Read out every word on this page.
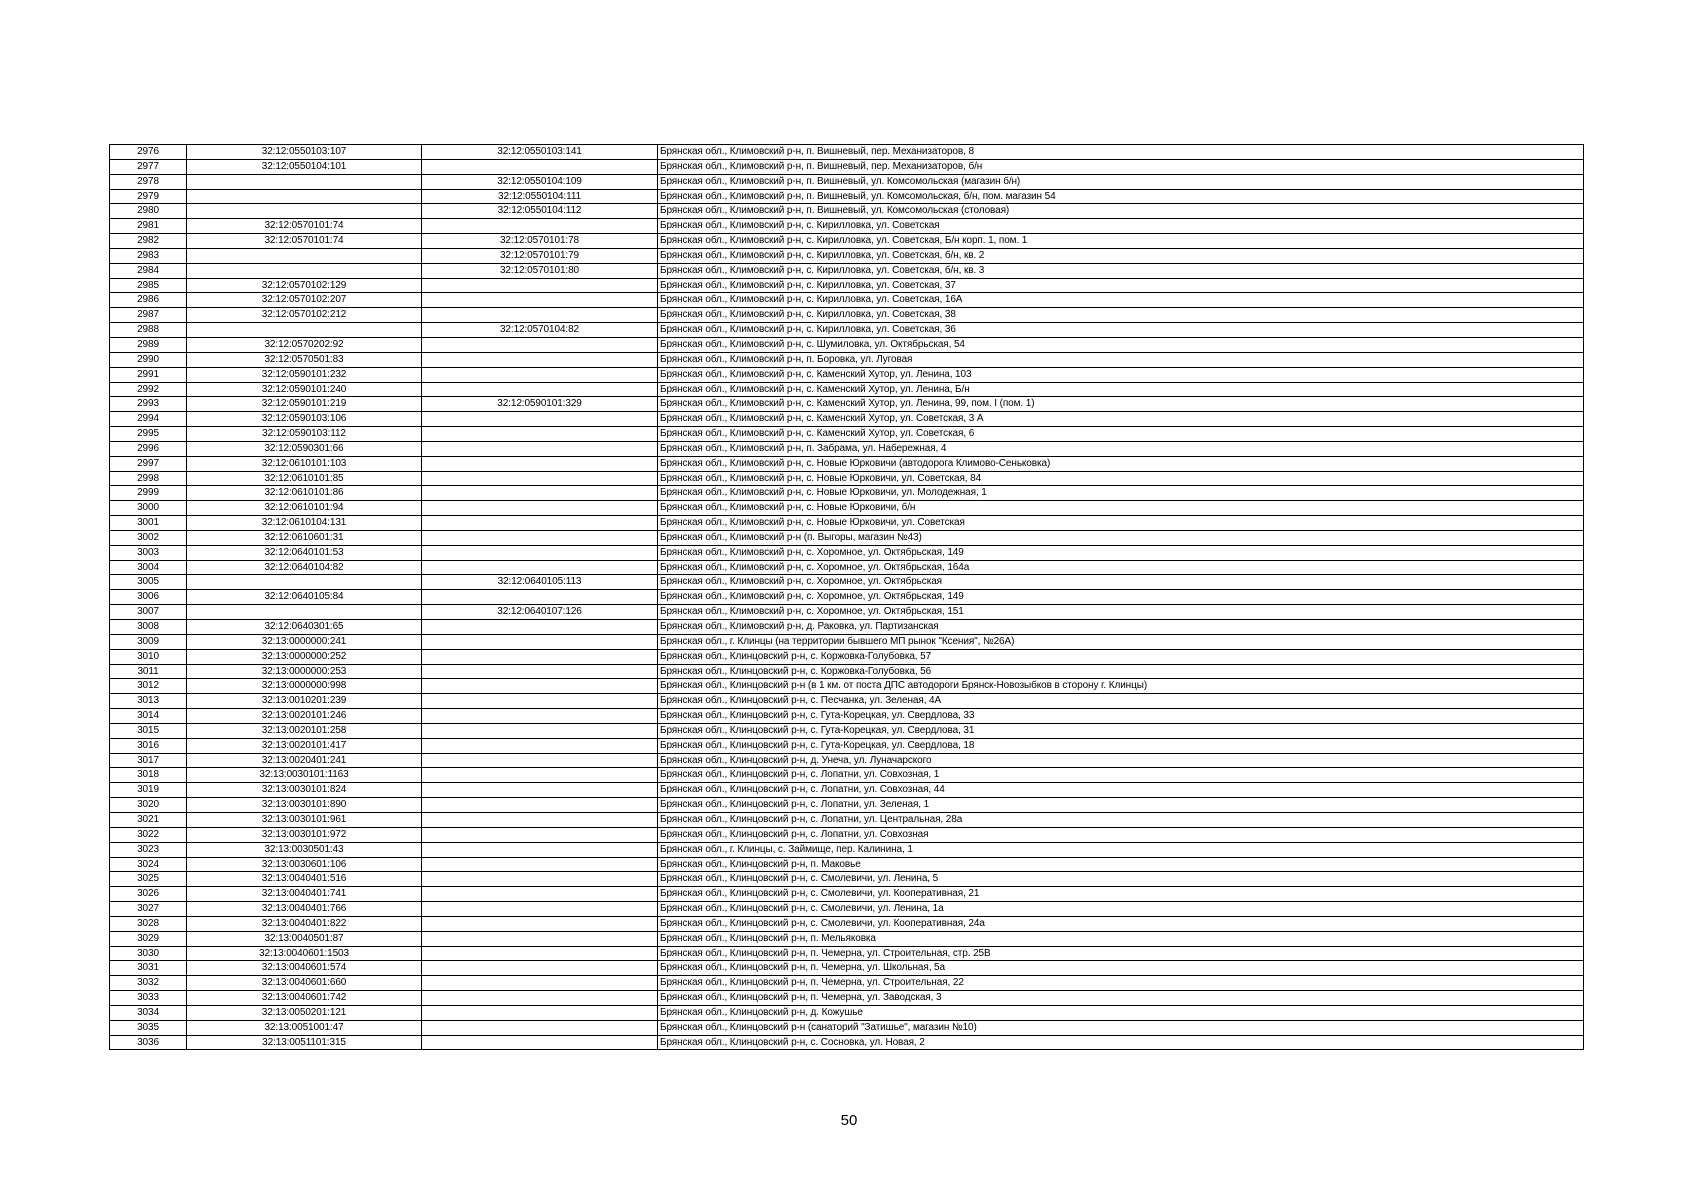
2976	32:12:0550103:107	32:12:0550103:141	Брянская обл., Климовский р-н, п. Вишневый, пер. Механизаторов, 8
2977	32:12:0550104:101		Брянская обл., Климовский р-н, п. Вишневый, пер. Механизаторов, б/н
2978		32:12:0550104:109	Брянская обл., Климовский р-н, п. Вишневый, ул. Комсомольская (магазин б/н)
2979		32:12:0550104:111	Брянская обл., Климовский р-н, п. Вишневый, ул. Комсомольская, б/н, пом. магазин 54
2980		32:12:0550104:112	Брянская обл., Климовский р-н, п. Вишневый, ул. Комсомольская (столовая)
2981	32:12:0570101:74		Брянская обл., Климовский р-н, с. Кирилловка, ул. Советская
2982	32:12:0570101:74	32:12:0570101:78	Брянская обл., Климовский р-н, с. Кирилловка, ул. Советская, Б/н корп. 1, пом. 1
2983		32:12:0570101:79	Брянская обл., Климовский р-н, с. Кирилловка, ул. Советская, б/н, кв. 2
2984		32:12:0570101:80	Брянская обл., Климовский р-н, с. Кирилловка, ул. Советская, б/н, кв. 3
2985	32:12:0570102:129		Брянская обл., Климовский р-н, с. Кирилловка, ул. Советская, 37
2986	32:12:0570102:207		Брянская обл., Климовский р-н, с. Кирилловка, ул. Советская, 16А
2987	32:12:0570102:212		Брянская обл., Климовский р-н, с. Кирилловка, ул. Советская, 38
2988		32:12:0570104:82	Брянская обл., Климовский р-н, с. Кирилловка, ул. Советская, 36
2989	32:12:0570202:92		Брянская обл., Климовский р-н, с. Шумиловка, ул. Октябрьская, 54
2990	32:12:0570501:83		Брянская обл., Климовский р-н, п. Боровка, ул. Луговая
2991	32:12:0590101:232		Брянская обл., Климовский р-н, с. Каменский Хутор, ул. Ленина, 103
2992	32:12:0590101:240		Брянская обл., Климовский р-н, с. Каменский Хутор, ул. Ленина, Б/н
2993	32:12:0590101:219	32:12:0590101:329	Брянская обл., Климовский р-н, с. Каменский Хутор, ул. Ленина, 99, пом. I (пом. 1)
2994	32:12:0590103:106		Брянская обл., Климовский р-н, с. Каменский Хутор, ул. Советская, 3 А
2995	32:12:0590103:112		Брянская обл., Климовский р-н, с. Каменский Хутор, ул. Советская, 6
2996	32:12:0590301:66		Брянская обл., Климовский р-н, п. Забрама, ул. Набережная, 4
2997	32:12:0610101:103		Брянская обл., Климовский р-н, с. Новые Юрковичи (автодорога Климово-Сеньковка)
2998	32:12:0610101:85		Брянская обл., Климовский р-н, с. Новые Юрковичи, ул. Советская, 84
2999	32:12:0610101:86		Брянская обл., Климовский р-н, с. Новые Юрковичи, ул. Молодежная, 1
3000	32:12:0610101:94		Брянская обл., Климовский р-н, с. Новые Юрковичи, б/н
3001	32:12:0610104:131		Брянская обл., Климовский р-н, с. Новые Юрковичи, ул. Советская
3002	32:12:0610601:31		Брянская обл., Климовский р-н (п. Выгоры, магазин №43)
3003	32:12:0640101:53		Брянская обл., Климовский р-н, с. Хоромное, ул. Октябрьская, 149
3004	32:12:0640104:82		Брянская обл., Климовский р-н, с. Хоромное, ул. Октябрьская, 164а
3005		32:12:0640105:113	Брянская обл., Климовский р-н, с. Хоромное, ул. Октябрьская
3006	32:12:0640105:84		Брянская обл., Климовский р-н, с. Хоромное, ул. Октябрьская, 149
3007		32:12:0640107:126	Брянская обл., Климовский р-н, с. Хоромное, ул. Октябрьская, 151
3008	32:12:0640301:65		Брянская обл., Климовский р-н, д. Раковка, ул. Партизанская
3009	32:13:0000000:241		Брянская обл., г. Клинцы (на территории бывшего МП рынок "Ксения", №26А)
3010	32:13:0000000:252		Брянская обл., Клинцовский р-н, с. Коржовка-Голубовка, 57
3011	32:13:0000000:253		Брянская обл., Клинцовский р-н, с. Коржовка-Голубовка, 56
3012	32:13:0000000:998		Брянская обл., Клинцовский р-н (в 1 км. от поста ДПС автодороги Брянск-Новозыбков в сторону г. Клинцы)
3013	32:13:0010201:239		Брянская обл., Клинцовский р-н, с. Песчанка, ул. Зеленая, 4А
3014	32:13:0020101:246		Брянская обл., Клинцовский р-н, с. Гута-Корецкая, ул. Свердлова, 33
3015	32:13:0020101:258		Брянская обл., Клинцовский р-н, с. Гута-Корецкая, ул. Свердлова, 31
3016	32:13:0020101:417		Брянская обл., Клинцовский р-н, с. Гута-Корецкая, ул. Свердлова, 18
3017	32:13:0020401:241		Брянская обл., Клинцовский р-н, д. Унеча, ул. Луначарского
3018	32:13:0030101:1163		Брянская обл., Клинцовский р-н, с. Лопатни, ул. Совхозная, 1
3019	32:13:0030101:824		Брянская обл., Клинцовский р-н, с. Лопатни, ул. Совхозная, 44
3020	32:13:0030101:890		Брянская обл., Клинцовский р-н, с. Лопатни, ул. Зеленая, 1
3021	32:13:0030101:961		Брянская обл., Клинцовский р-н, с. Лопатни, ул. Центральная, 28а
3022	32:13:0030101:972		Брянская обл., Клинцовский р-н, с. Лопатни, ул. Совхозная
3023	32:13:0030501:43		Брянская обл., г. Клинцы, с. Займище, пер. Калинина, 1
3024	32:13:0030601:106		Брянская обл., Клинцовский р-н, п. Маковье
3025	32:13:0040401:516		Брянская обл., Клинцовский р-н, с. Смолевичи, ул. Ленина, 5
3026	32:13:0040401:741		Брянская обл., Клинцовский р-н, с. Смолевичи, ул. Кооперативная, 21
3027	32:13:0040401:766		Брянская обл., Клинцовский р-н, с. Смолевичи, ул. Ленина, 1а
3028	32:13:0040401:822		Брянская обл., Клинцовский р-н, с. Смолевичи, ул. Кооперативная, 24а
3029	32:13:0040501:87		Брянская обл., Клинцовский р-н, п. Мельяковка
3030	32:13:0040601:1503		Брянская обл., Клинцовский р-н, п. Чемерна, ул. Строительная, стр. 25В
3031	32:13:0040601:574		Брянская обл., Клинцовский р-н, п. Чемерна, ул. Школьная, 5а
3032	32:13:0040601:660		Брянская обл., Клинцовский р-н, п. Чемерна, ул. Строительная, 22
3033	32:13:0040601:742		Брянская обл., Клинцовский р-н, п. Чемерна, ул. Заводская, 3
3034	32:13:0050201:121		Брянская обл., Клинцовский р-н, д. Кожушье
3035	32:13:0051001:47		Брянская обл., Клинцовский р-н (санаторий "Затишье", магазин №10)
3036	32:13:0051101:315		Брянская обл., Клинцовский р-н, с. Сосновка, ул. Новая, 2
50
